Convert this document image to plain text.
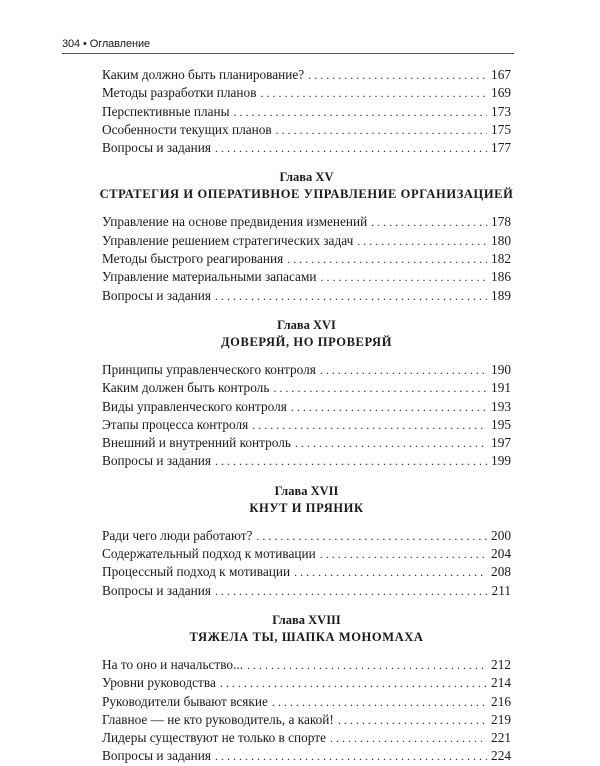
304 • Оглавление
Каким должно быть планирование? . . .	167
Методы разработки планов . . .	169
Перспективные планы . . .	173
Особенности текущих планов . . .	175
Вопросы и задания . . .	177
Глава XV
СТРАТЕГИЯ И ОПЕРАТИВНОЕ УПРАВЛЕНИЕ ОРГАНИЗАЦИЕЙ
Управление на основе предвидения изменений . . .	178
Управление решением стратегических задач . . .	180
Методы быстрого реагирования . . .	182
Управление материальными запасами . . .	186
Вопросы и задания . . .	189
Глава XVI
ДОВЕРЯЙ, НО ПРОВЕРЯЙ
Принципы управленческого контроля . . .	190
Каким должен быть контроль . . .	191
Виды управленческого контроля . . .	193
Этапы процесса контроля . . .	195
Внешний и внутренний контроль . . .	197
Вопросы и задания . . .	199
Глава XVII
КНУТ И ПРЯНИК
Ради чего люди работают? . . .	200
Содержательный подход к мотивации . . .	204
Процессный подход к мотивации . . .	208
Вопросы и задания . . .	211
Глава XVIII
ТЯЖЕЛА ТЫ, ШАПКА МОНОМАХА
На то оно и начальство... . . .	212
Уровни руководства . . .	214
Руководители бывают всякие . . .	216
Главное — не кто руководитель, а какой! . . .	219
Лидеры существуют не только в спорте . . .	221
Вопросы и задания . . .	224
